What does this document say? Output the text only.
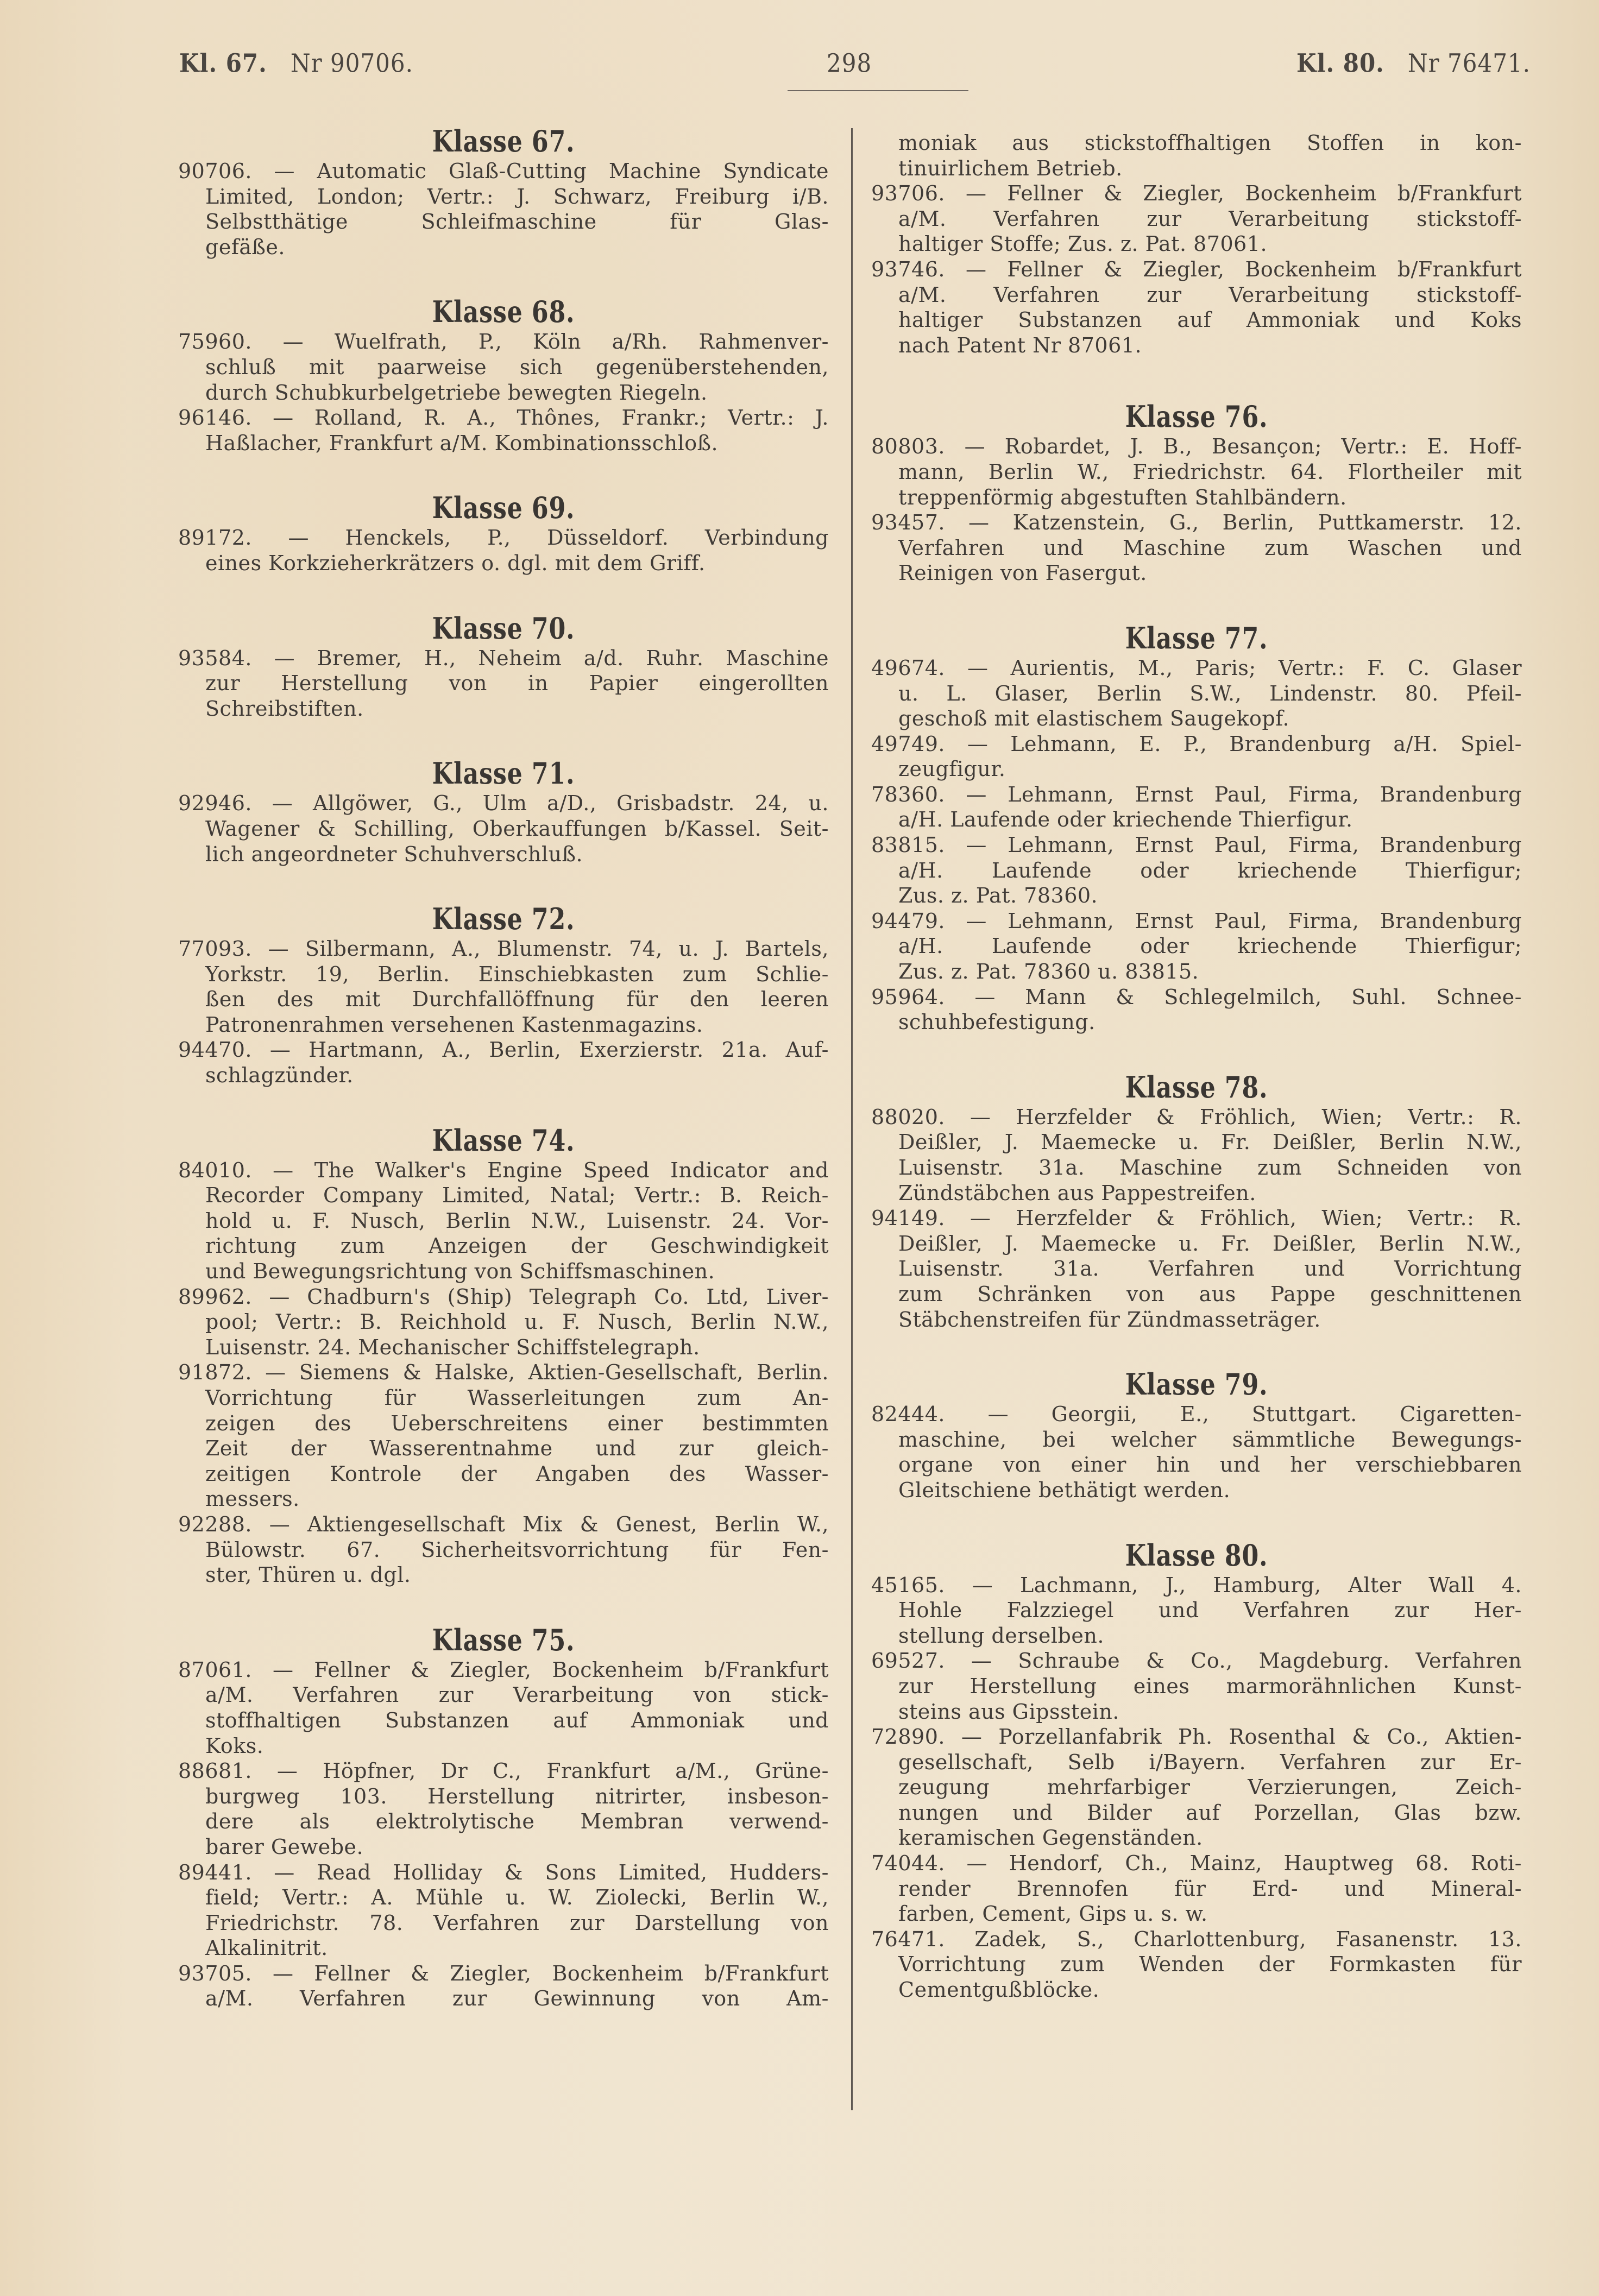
Kl. 67. Nr 90706.	298	Kl. 80. Nr 76471.
Klasse 67.
90706. — Automatic Glaß-Cutting Machine Syndicate
Limited, London; Vertr.: J. Schwarz, Freiburg i/B.
Selbstthätige Schleifmaschine für Glas-
gefäße.
Klasse 68.
75960. — Wuelfrath, P., Köln a/Rh. Rahmenver-
schluß mit paarweise sich gegenüberstehenden,
durch Schubkurbelgetriebe bewegten Riegeln.
96146. — Rolland, R. A., Thônes, Frankr.; Vertr.: J.
Haßlacher, Frankfurt a/M. Kombinationsschloß.
Klasse 69.
89172. — Henckels, P., Düsseldorf. Verbindung
eines Korkzieherkrätzers o. dgl. mit dem Griff.
Klasse 70.
93584. — Bremer, H., Neheim a/d. Ruhr. Maschine
zur Herstellung von in Papier eingerollten
Schreibstiften.
Klasse 71.
92946. — Allgöwer, G., Ulm a/D., Grisbadstr. 24, u.
Wagener & Schilling, Oberkauffungen b/Kassel. Seit-
lich angeordneter Schuhverschluß.
Klasse 72.
77093. — Silbermann, A., Blumenstr. 74, u. J. Bartels,
Yorkstr. 19, Berlin. Einschiebkasten zum Schlie-
ßen des mit Durchfallöffnung für den leeren
Patronenrahmen versehenen Kastenmagazins.
94470. — Hartmann, A., Berlin, Exerzierstr. 21a. Auf-
schlagzünder.
Klasse 74.
84010. — The Walker's Engine Speed Indicator and
Recorder Company Limited, Natal; Vertr.: B. Reich-
hold u. F. Nusch, Berlin N.W., Luisenstr. 24. Vor-
richtung zum Anzeigen der Geschwindigkeit
und Bewegungsrichtung von Schiffsmaschinen.
89962. — Chadburn's (Ship) Telegraph Co. Ltd, Liver-
pool; Vertr.: B. Reichhold u. F. Nusch, Berlin N.W.,
Luisenstr. 24. Mechanischer Schiffstelegraph.
91872. — Siemens & Halske, Aktien-Gesellschaft, Berlin.
Vorrichtung für Wasserleitungen zum An-
zeigen des Ueberschreitens einer bestimmten
Zeit der Wasserentnahme und zur gleich-
zeitigen Kontrole der Angaben des Wasser-
messers.
92288. — Aktiengesellschaft Mix & Genest, Berlin W.,
Bülowstr. 67. Sicherheitsvorrichtung für Fen-
ster, Thüren u. dgl.
Klasse 75.
87061. — Fellner & Ziegler, Bockenheim b/Frankfurt
a/M. Verfahren zur Verarbeitung von stick-
stoffhaltigen Substanzen auf Ammoniak und
Koks.
88681. — Höpfner, Dr C., Frankfurt a/M., Grüne-
burgweg 103. Herstellung nitrirter, insbeson-
dere als elektrolytische Membran verwend-
barer Gewebe.
89441. — Read Holliday & Sons Limited, Hudders-
field; Vertr.: A. Mühle u. W. Ziolecki, Berlin W.,
Friedrichstr. 78. Verfahren zur Darstellung von
Alkalinitrit.
93705. — Fellner & Ziegler, Bockenheim b/Frankfurt
a/M. Verfahren zur Gewinnung von Am-
moniak aus stickstoffhaltigen Stoffen in kon-
tinuirlichem Betrieb.
93706. — Fellner & Ziegler, Bockenheim b/Frankfurt
a/M. Verfahren zur Verarbeitung stickstoff-
haltiger Stoffe; Zus. z. Pat. 87061.
93746. — Fellner & Ziegler, Bockenheim b/Frankfurt
a/M. Verfahren zur Verarbeitung stickstoff-
haltiger Substanzen auf Ammoniak und Koks
nach Patent Nr 87061.
Klasse 76.
80803. — Robardet, J. B., Besançon; Vertr.: E. Hoff-
mann, Berlin W., Friedrichstr. 64. Flortheiler mit
treppenförmig abgestuften Stahlbändern.
93457. — Katzenstein, G., Berlin, Puttkamerstr. 12.
Verfahren und Maschine zum Waschen und
Reinigen von Fasergut.
Klasse 77.
49674. — Aurientis, M., Paris; Vertr.: F. C. Glaser
u. L. Glaser, Berlin S.W., Lindenstr. 80. Pfeil-
geschoß mit elastischem Saugekopf.
49749. — Lehmann, E. P., Brandenburg a/H. Spiel-
zeugfigur.
78360. — Lehmann, Ernst Paul, Firma, Brandenburg
a/H. Laufende oder kriechende Thierfigur.
83815. — Lehmann, Ernst Paul, Firma, Brandenburg
a/H. Laufende oder kriechende Thierfigur;
Zus. z. Pat. 78360.
94479. — Lehmann, Ernst Paul, Firma, Brandenburg
a/H. Laufende oder kriechende Thierfigur;
Zus. z. Pat. 78360 u. 83815.
95964. — Mann & Schlegelmilch, Suhl. Schnee-
schuhbefestigung.
Klasse 78.
88020. — Herzfelder & Fröhlich, Wien; Vertr.: R.
Deißler, J. Maemecke u. Fr. Deißler, Berlin N.W.,
Luisenstr. 31a. Maschine zum Schneiden von
Zündstäbchen aus Pappestreifen.
94149. — Herzfelder & Fröhlich, Wien; Vertr.: R.
Deißler, J. Maemecke u. Fr. Deißler, Berlin N.W.,
Luisenstr. 31a. Verfahren und Vorrichtung
zum Schränken von aus Pappe geschnittenen
Stäbchenstreifen für Zündmasseträger.
Klasse 79.
82444. — Georgii, E., Stuttgart. Cigaretten-
maschine, bei welcher sämmtliche Bewegungs-
organe von einer hin und her verschiebbaren
Gleitschiene bethätigt werden.
Klasse 80.
45165. — Lachmann, J., Hamburg, Alter Wall 4.
Hohle Falzziegel und Verfahren zur Her-
stellung derselben.
69527. — Schraube & Co., Magdeburg. Verfahren
zur Herstellung eines marmorähnlichen Kunst-
steins aus Gipsstein.
72890. — Porzellanfabrik Ph. Rosenthal & Co., Aktien-
gesellschaft, Selb i/Bayern. Verfahren zur Er-
zeugung mehrfarbiger Verzierungen, Zeich-
nungen und Bilder auf Porzellan, Glas bzw.
keramischen Gegenständen.
74044. — Hendorf, Ch., Mainz, Hauptweg 68. Roti-
render Brennofen für Erd- und Mineral-
farben, Cement, Gips u. s. w.
76471. Zadek, S., Charlottenburg, Fasanenstr. 13.
Vorrichtung zum Wenden der Formkasten für
Cementgußblöcke.
